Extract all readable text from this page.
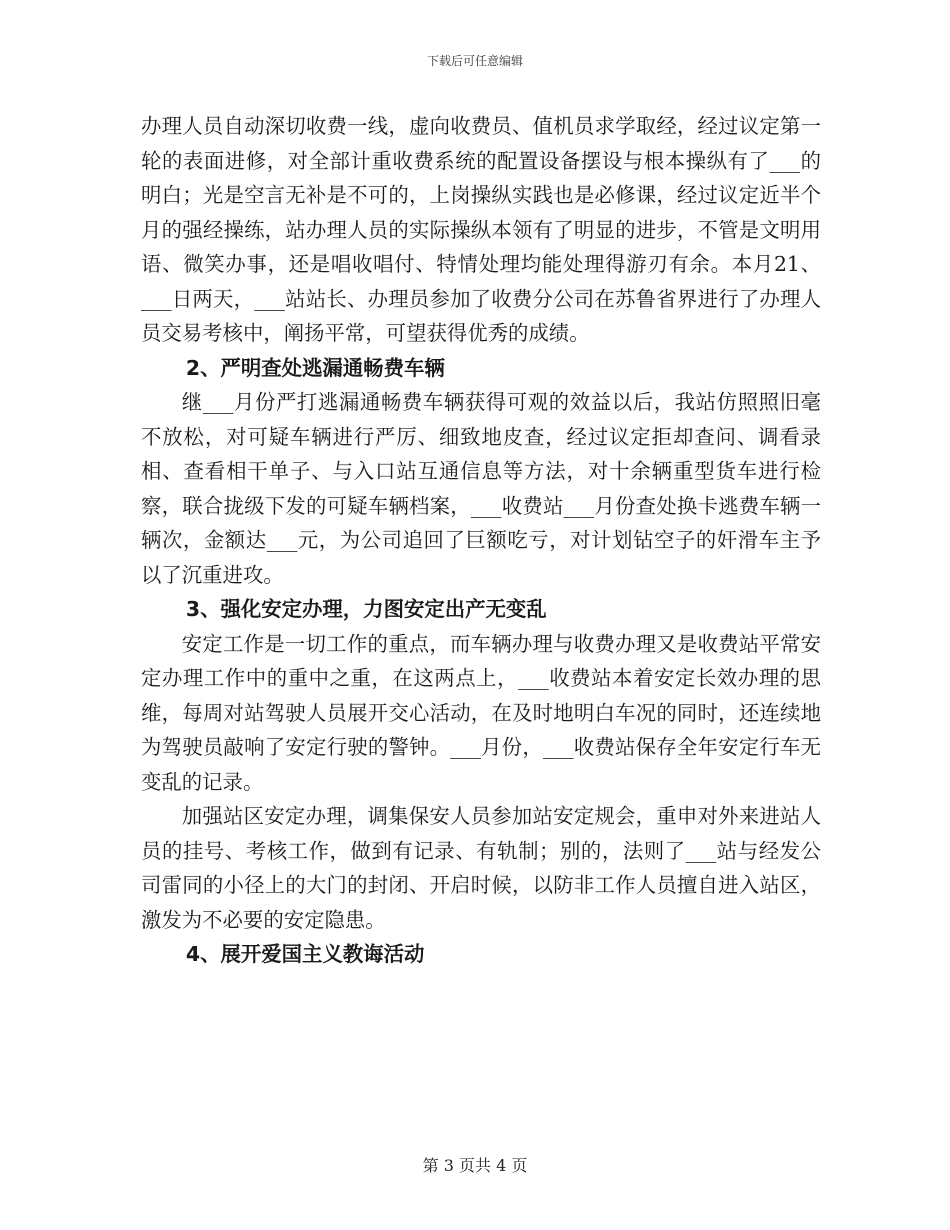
下载后可任意编辑

办理人员自动深切收费一线，虚向收费员、值机员求学取经，经过议定第一轮的表面进修，对全部计重收费系统的配置设备摆设与根本操纵有了___的明白；光是空言无补是不可的，上岗操纵实践也是必修课，经过议定近半个月的强经操练，站办理人员的实际操纵本领有了明显的进步，不管是文明用语、微笑办事，还是唱收唱付、特情处理均能处理得游刃有余。本月21、___日两天，___站站长、办理员参加了收费分公司在苏鲁省界进行了办理人员交易考核中，阐扬平常，可望获得优秀的成绩。

2、严明查处逃漏通畅费车辆

继___月份严打逃漏通畅费车辆获得可观的效益以后，我站仿照照旧毫不放松，对可疑车辆进行严厉、细致地皮查，经过议定拒却查问、调看录相、查看相干单子、与入口站互通信息等方法，对十余辆重型货车进行检察，联合拢级下发的可疑车辆档案，___收费站___月份查处换卡逃费车辆一辆次，金额达___元，为公司追回了巨额吃亏，对计划钻空子的奸滑车主予以了沉重进攻。

3、强化安定办理，力图安定出产无变乱

安定工作是一切工作的重点，而车辆办理与收费办理又是收费站平常安定办理工作中的重中之重，在这两点上，___收费站本着安定长效办理的思维，每周对站驾驶人员展开交心活动，在及时地明白车况的同时，还连续地为驾驶员敲响了安定行驶的警钟。___月份，___收费站保存全年安定行车无变乱的记录。

加强站区安定办理，调集保安人员参加站安定规会，重申对外来进站人员的挂号、考核工作，做到有记录、有轨制；别的，法则了___站与经发公司雷同的小径上的大门的封闭、开启时候，以防非工作人员擅自进入站区，激发为不必要的安定隐患。

4、展开爱国主义教诲活动

第 3 页共 4 页
